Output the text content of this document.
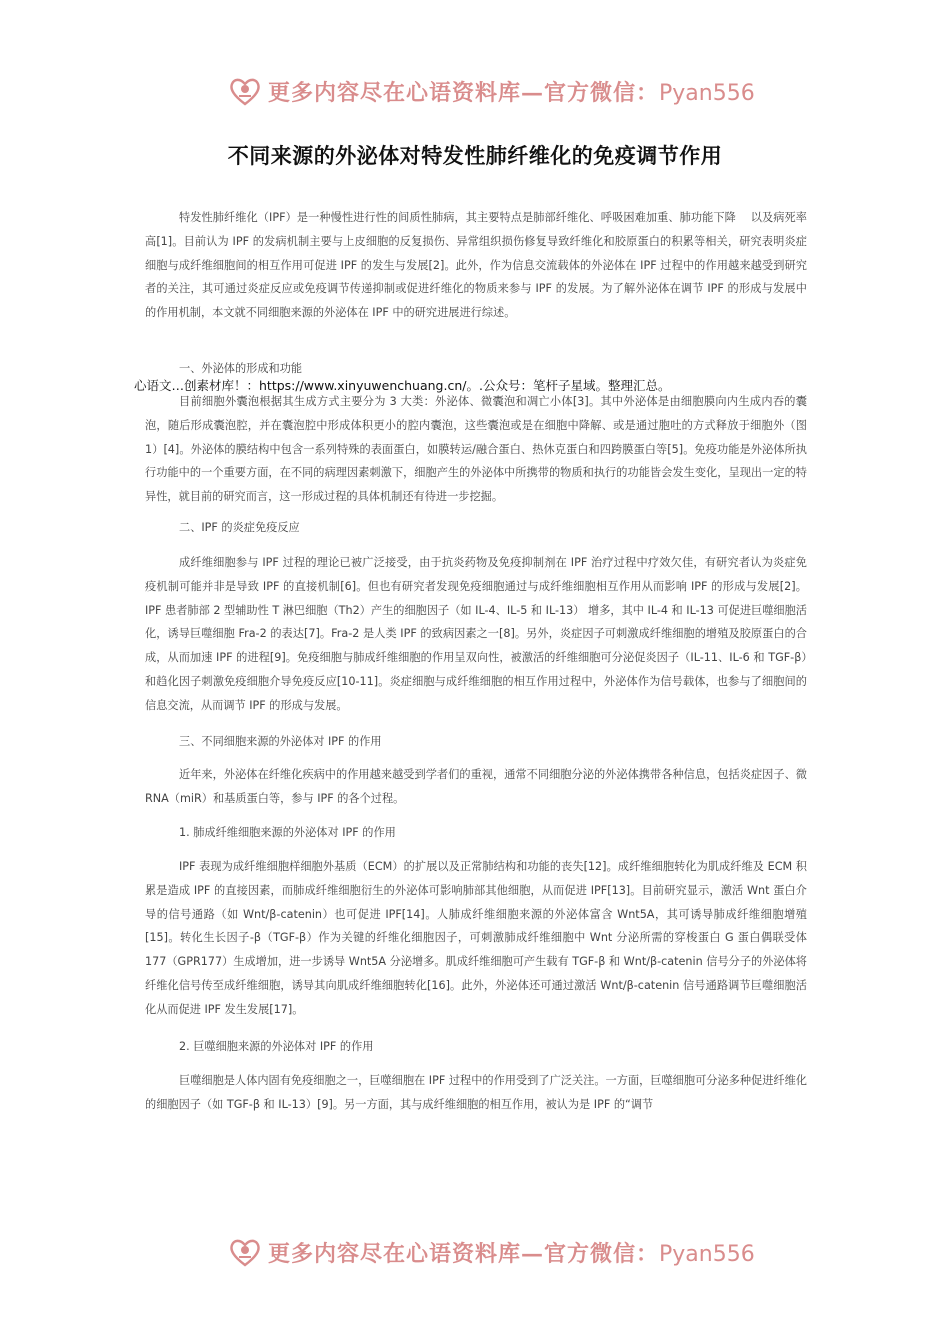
更多内容尽在心语资料库—官方微信：Pyan556
不同来源的外泌体对特发性肺纤维化的免疫调节作用

特发性肺纤维化（IPF）是一种慢性进行性的间质性肺病，其主要特点是肺部纤维化、呼吸困难加重、肺功能下降　 以及病死率高[1]。目前认为 IPF 的发病机制主要与上皮细胞的反复损伤、异常组织损伤修复导致纤维化和胶原蛋白的积累等相关，研究表明炎症细胞与成纤维细胞间的相互作用可促进 IPF 的发生与发展[2]。此外，作为信息交流载体的外泌体在 IPF 过程中的作用越来越受到研究者的关注，其可通过炎症反应或免疫调节传递抑制或促进纤维化的物质来参与 IPF 的发展。为了解外泌体在调节 IPF 的形成与发展中的作用机制，本文就不同细胞来源的外泌体在 IPF 中的研究进展进行综述。

一、外泌体的形成和功能

心语文…创素材库！：https://www.xinyuwenchuang.cn/。.公众号：笔杆子星域。整理汇总。

目前细胞外囊泡根据其生成方式主要分为 3 大类：外泌体、微囊泡和凋亡小体[3]。其中外泌体是由细胞膜向内生成内吞的囊泡，随后形成囊泡腔，并在囊泡腔中形成体积更小的腔内囊泡，这些囊泡或是在细胞中降解、或是通过胞吐的方式释放于细胞外（图 1）[4]。外泌体的膜结构中包含一系列特殊的表面蛋白，如膜转运/融合蛋白、热休克蛋白和四跨膜蛋白等[5]。免疫功能是外泌体所执行功能中的一个重要方面，在不同的病理因素刺激下，细胞产生的外泌体中所携带的物质和执行的功能皆会发生变化，呈现出一定的特异性，就目前的研究而言，这一形成过程的具体机制还有待进一步挖掘。

二、IPF 的炎症免疫反应

成纤维细胞参与 IPF 过程的理论已被广泛接受，由于抗炎药物及免疫抑制剂在 IPF 治疗过程中疗效欠佳，有研究者认为炎症免疫机制可能并非是导致 IPF 的直接机制[6]。但也有研究者发现免疫细胞通过与成纤维细胞相互作用从而影响 IPF 的形成与发展[2]。IPF 患者肺部 2 型辅助性 T 淋巴细胞（Th2）产生的细胞因子（如 IL-4、IL-5 和 IL-13） 增多，其中 IL-4 和 IL-13 可促进巨噬细胞活化，诱导巨噬细胞 Fra-2 的表达[7]。Fra-2 是人类 IPF 的致病因素之一[8]。另外，炎症因子可刺激成纤维细胞的增殖及胶原蛋白的合成，从而加速 IPF 的进程[9]。免疫细胞与肺成纤维细胞的作用呈双向性，被激活的纤维细胞可分泌促炎因子（IL-11、IL-6 和 TGF-β）和趋化因子刺激免疫细胞介导免疫反应[10-11]。炎症细胞与成纤维细胞的相互作用过程中，外泌体作为信号载体，也参与了细胞间的信息交流，从而调节 IPF 的形成与发展。

三、不同细胞来源的外泌体对 IPF 的作用

近年来，外泌体在纤维化疾病中的作用越来越受到学者们的重视，通常不同细胞分泌的外泌体携带各种信息，包括炎症因子、微 RNA（miR）和基质蛋白等，参与 IPF 的各个过程。

1. 肺成纤维细胞来源的外泌体对 IPF 的作用

IPF 表现为成纤维细胞样细胞外基质（ECM）的扩展以及正常肺结构和功能的丧失[12]。成纤维细胞转化为肌成纤维及 ECM 积累是造成 IPF 的直接因素，而肺成纤维细胞衍生的外泌体可影响肺部其他细胞，从而促进 IPF[13]。目前研究显示，激活 Wnt 蛋白介导的信号通路（如 Wnt/β-catenin）也可促进 IPF[14]。人肺成纤维细胞来源的外泌体富含 Wnt5A，其可诱导肺成纤维细胞增殖[15]。转化生长因子-β（TGF-β）作为关键的纤维化细胞因子，可刺激肺成纤维细胞中 Wnt 分泌所需的穿梭蛋白 G 蛋白偶联受体 177（GPR177）生成增加，进一步诱导 Wnt5A 分泌增多。肌成纤维细胞可产生载有 TGF-β 和 Wnt/β-catenin 信号分子的外泌体将纤维化信号传至成纤维细胞，诱导其向肌成纤维细胞转化[16]。此外，外泌体还可通过激活 Wnt/β-catenin 信号通路调节巨噬细胞活化从而促进 IPF 发生发展[17]。

2. 巨噬细胞来源的外泌体对 IPF 的作用

巨噬细胞是人体内固有免疫细胞之一，巨噬细胞在 IPF 过程中的作用受到了广泛关注。一方面，巨噬细胞可分泌多种促进纤维化的细胞因子（如 TGF-β 和 IL-13）[9]。另一方面，其与成纤维细胞的相互作用，被认为是 IPF 的“调节

更多内容尽在心语资料库—官方微信：Pyan556
